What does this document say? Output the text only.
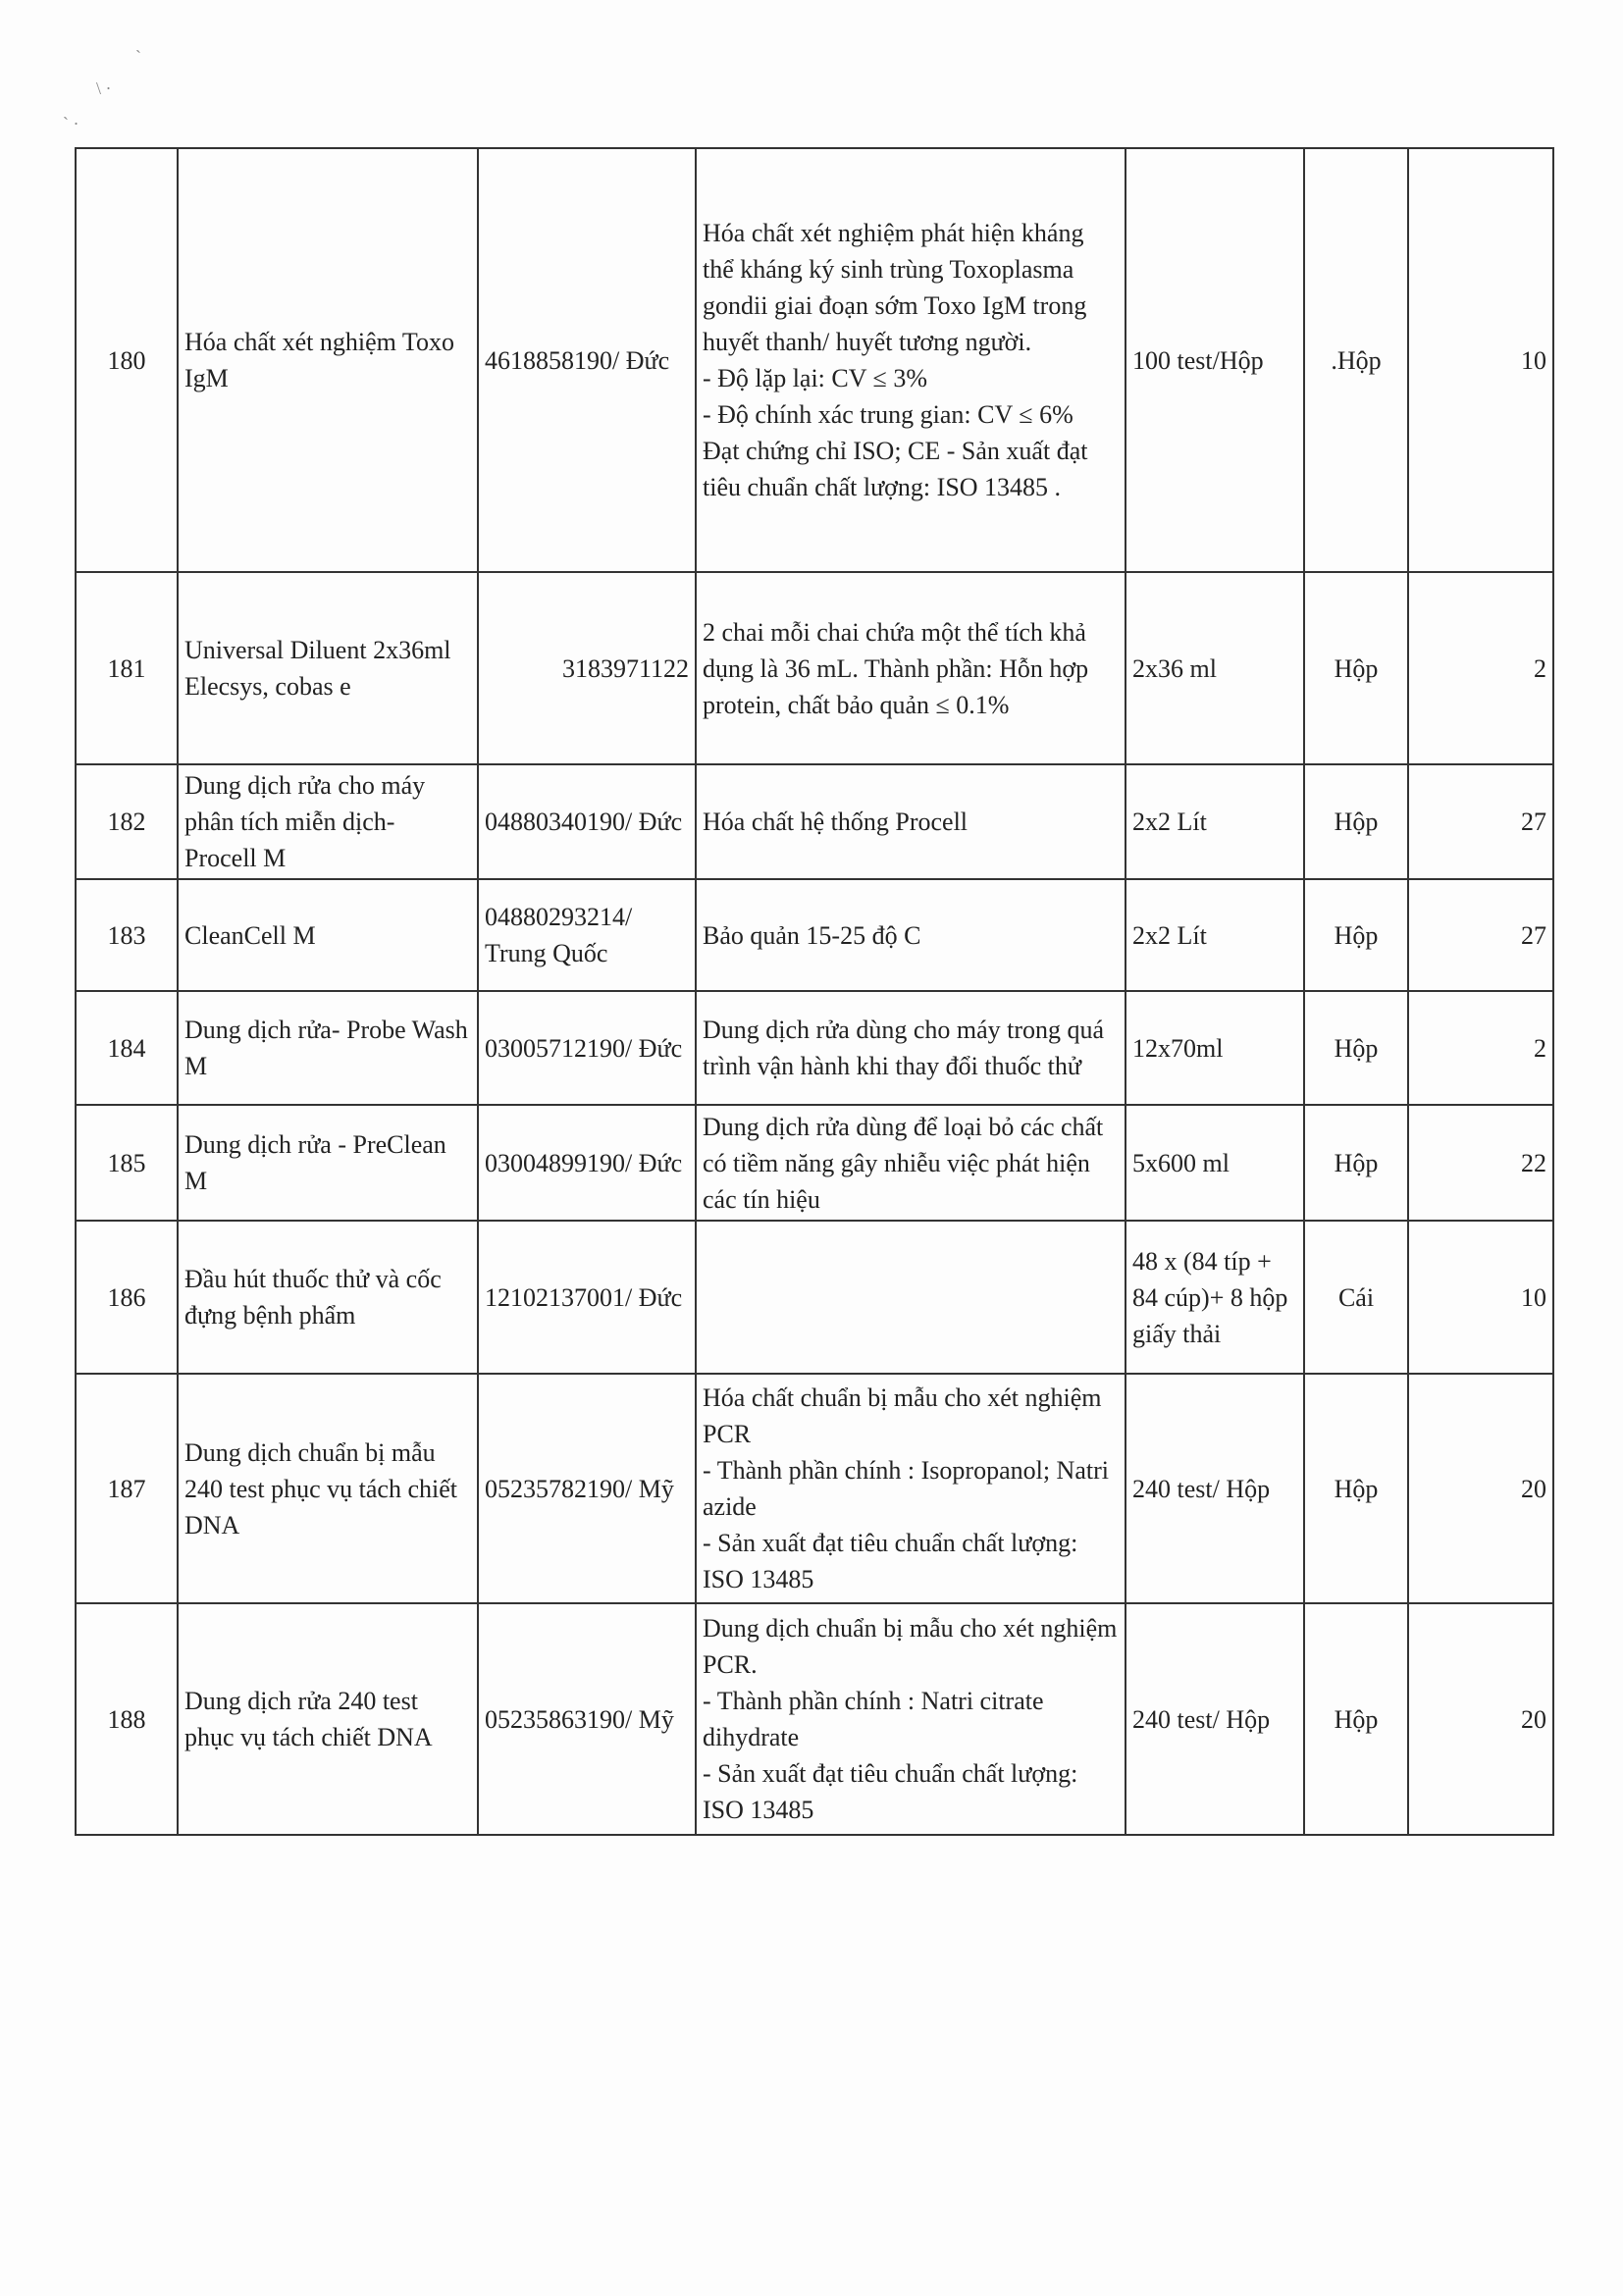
`
\ ·
` ·
180	Hóa chất xét nghiệm Toxo IgM	4618858190/ Đức	Hóa chất xét nghiệm phát hiện kháng thể kháng ký sinh trùng Toxoplasma gondii giai đoạn sớm Toxo IgM trong huyết thanh/ huyết tương người.
- Độ lặp lại: CV ≤ 3%
- Độ chính xác trung gian: CV ≤ 6%
Đạt chứng chỉ ISO; CE - Sản xuất đạt tiêu chuẩn chất lượng: ISO 13485 .	100 test/Hộp	.Hộp	10
181	Universal Diluent 2x36ml Elecsys, cobas e	3183971122	2 chai mỗi chai chứa một thể tích khả dụng là 36 mL. Thành phần: Hỗn hợp protein, chất bảo quản ≤ 0.1%	2x36 ml	Hộp	2
182	Dung dịch rửa cho máy phân tích miễn dịch- Procell M	04880340190/ Đức	Hóa chất hệ thống Procell	2x2 Lít	Hộp	27
183	CleanCell M	04880293214/ Trung Quốc	Bảo quản 15-25 độ C	2x2 Lít	Hộp	27
184	Dung dịch rửa- Probe Wash M	03005712190/ Đức	Dung dịch rửa dùng cho máy trong quá trình vận hành khi thay đổi thuốc thử	12x70ml	Hộp	2
185	Dung dịch rửa - PreClean M	03004899190/ Đức	Dung dịch rửa dùng để loại bỏ các chất có tiềm năng gây nhiễu việc phát hiện các tín hiệu	5x600 ml	Hộp	22
186	Đầu hút thuốc thử và cốc đựng bệnh phẩm	12102137001/ Đức		48 x (84 típ + 84 cúp)+ 8 hộp giấy thải	Cái	10
187	Dung dịch chuẩn bị mẫu 240 test phục vụ tách chiết DNA	05235782190/ Mỹ	Hóa chất chuẩn bị mẫu cho xét nghiệm PCR
- Thành phần chính : Isopropanol; Natri azide
- Sản xuất đạt tiêu chuẩn chất lượng: ISO 13485	240 test/ Hộp	Hộp	20
188	Dung dịch rửa 240 test phục vụ tách chiết DNA	05235863190/ Mỹ	Dung dịch chuẩn bị mẫu cho xét nghiệm PCR.
- Thành phần chính : Natri citrate dihydrate
- Sản xuất đạt tiêu chuẩn chất lượng: ISO 13485	240 test/ Hộp	Hộp	20
